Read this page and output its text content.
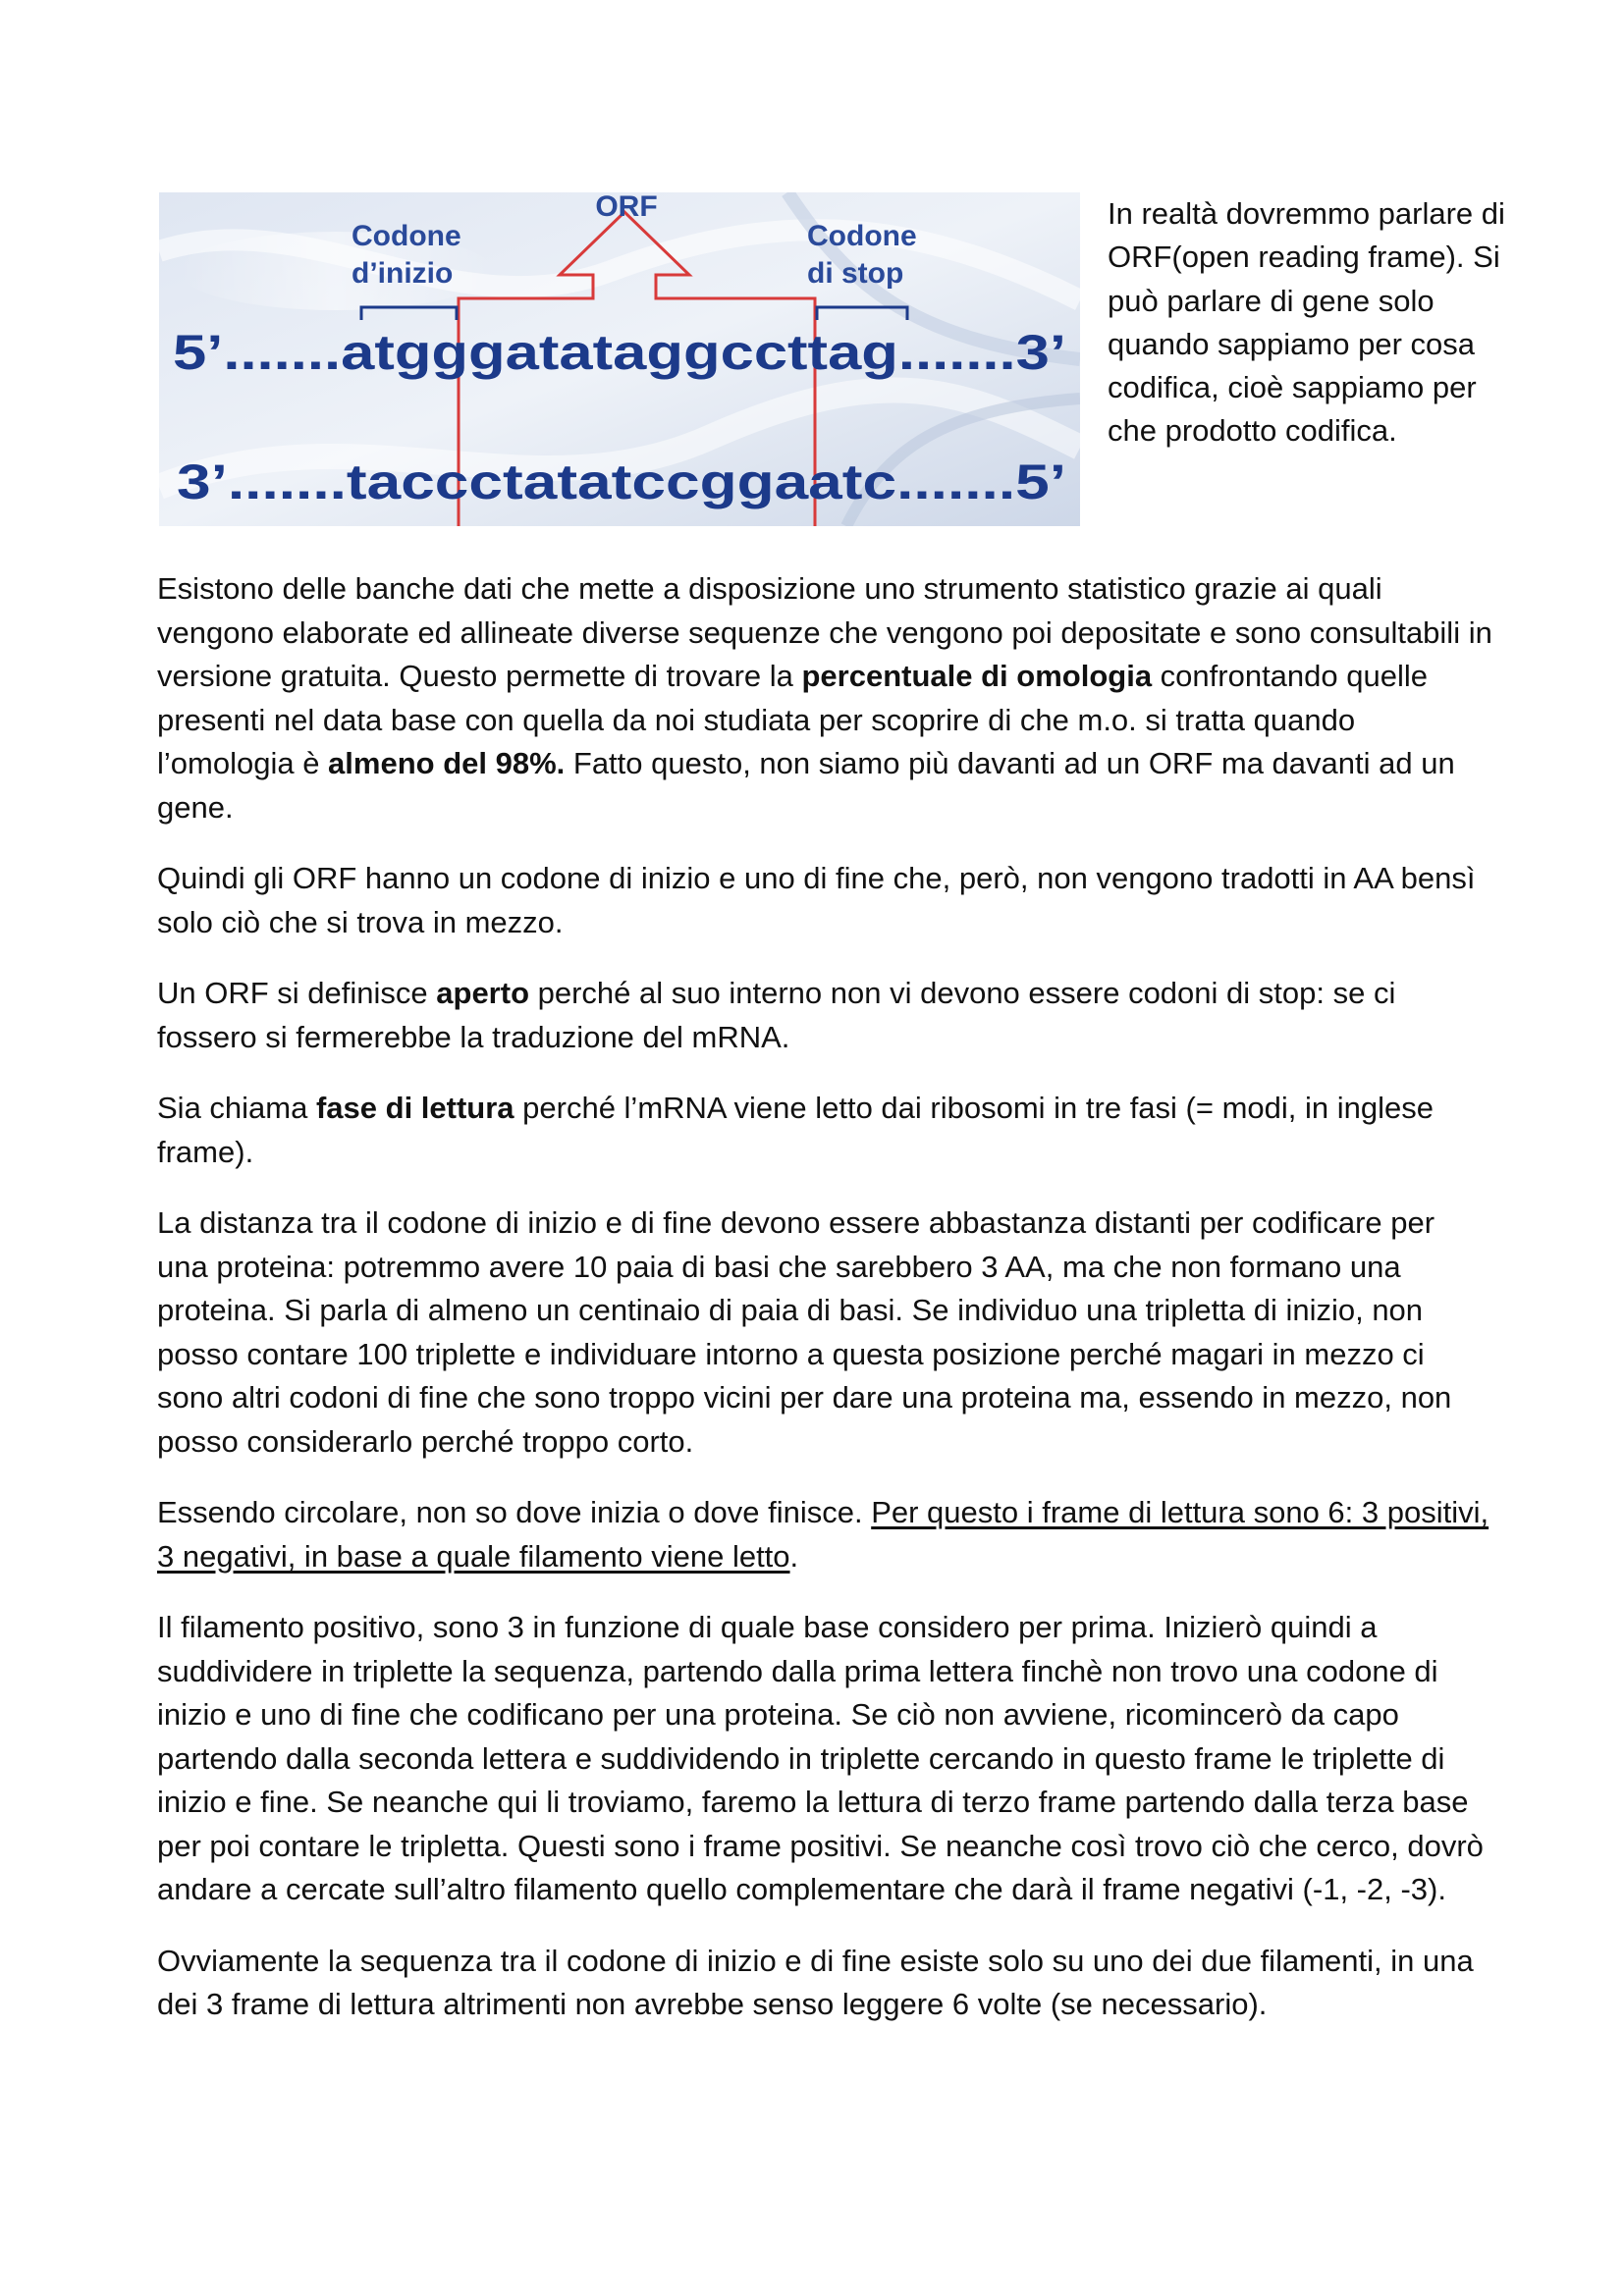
ORF
Codone
d’inizio
Codone
di stop
5’.......atgggatataggccttag.......3’
3’.......taccctatatccggaatc.......5’

In realtà dovremmo parlare di ORF(open reading frame). Si può parlare di gene solo quando sappiamo per cosa codifica, cioè sappiamo per che prodotto codifica.

Esistono delle banche dati che mette a disposizione uno strumento statistico grazie ai quali vengono elaborate ed allineate diverse sequenze che vengono poi depositate e sono consultabili in versione gratuita. Questo permette di trovare la percentuale di omologia confrontando quelle presenti nel data base con quella da noi studiata per scoprire di che m.o. si tratta quando l’omologia è almeno del 98%. Fatto questo, non siamo più davanti ad un ORF ma davanti ad un gene.

Quindi gli ORF hanno un codone di inizio e uno di fine che, però, non vengono tradotti in AA bensì solo ciò che si trova in mezzo.

Un ORF si definisce aperto perché al suo interno non vi devono essere codoni di stop: se ci fossero si fermerebbe la traduzione del mRNA.

Sia chiama fase di lettura perché l’mRNA viene letto dai ribosomi in tre fasi (= modi, in inglese frame).

La distanza tra il codone di inizio e di fine devono essere abbastanza distanti per codificare per una proteina: potremmo avere 10 paia di basi che sarebbero 3 AA, ma che non formano una proteina. Si parla di almeno un centinaio di paia di basi. Se individuo una tripletta di inizio, non posso contare 100 triplette e individuare intorno a questa posizione perché magari in mezzo ci sono altri codoni di fine che sono troppo vicini per dare una proteina ma, essendo in mezzo, non posso considerarlo perché troppo corto.

Essendo circolare, non so dove inizia o dove finisce. Per questo i frame di lettura sono 6: 3 positivi, 3 negativi, in base a quale filamento viene letto.

Il filamento positivo, sono 3 in funzione di quale base considero per prima. Inizierò quindi a suddividere in triplette la sequenza, partendo dalla prima lettera finchè non trovo una codone di inizio e uno di fine che codificano per una proteina. Se ciò non avviene, ricomincerò da capo partendo dalla seconda lettera e suddividendo in triplette cercando in questo frame le triplette di inizio e fine. Se neanche qui li troviamo, faremo la lettura di terzo frame partendo dalla terza base per poi contare le tripletta. Questi sono i frame positivi. Se neanche così trovo ciò che cerco, dovrò andare a cercate sull’altro filamento quello complementare che darà il frame negativi (-1, -2, -3).

Ovviamente la sequenza tra il codone di inizio e di fine esiste solo su uno dei due filamenti, in una dei 3 frame di lettura altrimenti non avrebbe senso leggere 6 volte (se necessario).
